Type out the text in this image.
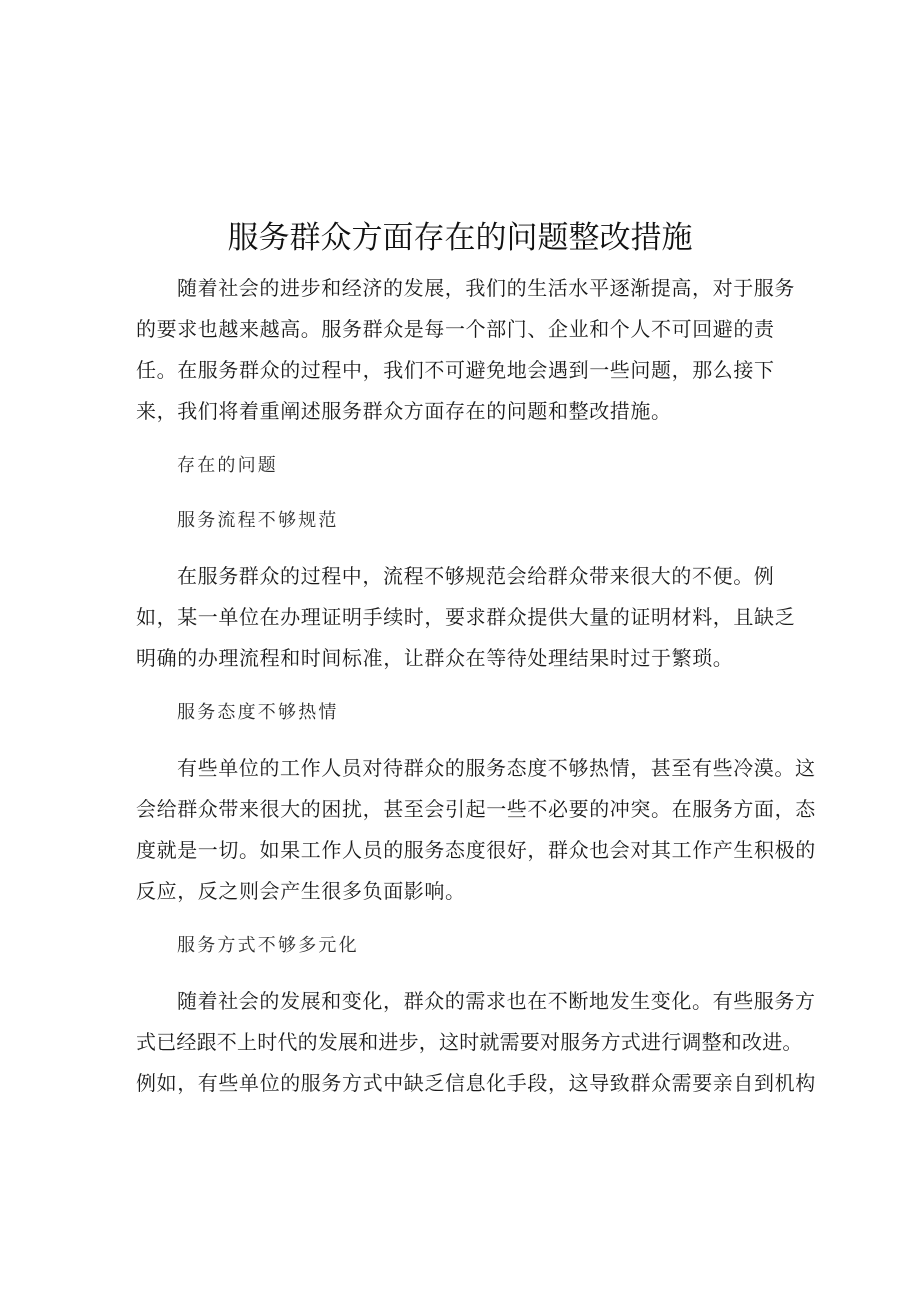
服务群众方面存在的问题整改措施
随着社会的进步和经济的发展，我们的生活水平逐渐提高，对于服务
的要求也越来越高。服务群众是每一个部门、企业和个人不可回避的责
任。在服务群众的过程中，我们不可避免地会遇到一些问题，那么接下
来，我们将着重阐述服务群众方面存在的问题和整改措施。
存在的问题
服务流程不够规范
在服务群众的过程中，流程不够规范会给群众带来很大的不便。例
如，某一单位在办理证明手续时，要求群众提供大量的证明材料，且缺乏
明确的办理流程和时间标准，让群众在等待处理结果时过于繁琐。
服务态度不够热情
有些单位的工作人员对待群众的服务态度不够热情，甚至有些冷漠。这
会给群众带来很大的困扰，甚至会引起一些不必要的冲突。在服务方面，态
度就是一切。如果工作人员的服务态度很好，群众也会对其工作产生积极的
反应，反之则会产生很多负面影响。
服务方式不够多元化
随着社会的发展和变化，群众的需求也在不断地发生变化。有些服务方
式已经跟不上时代的发展和进步，这时就需要对服务方式进行调整和改进。
例如，有些单位的服务方式中缺乏信息化手段，这导致群众需要亲自到机构
